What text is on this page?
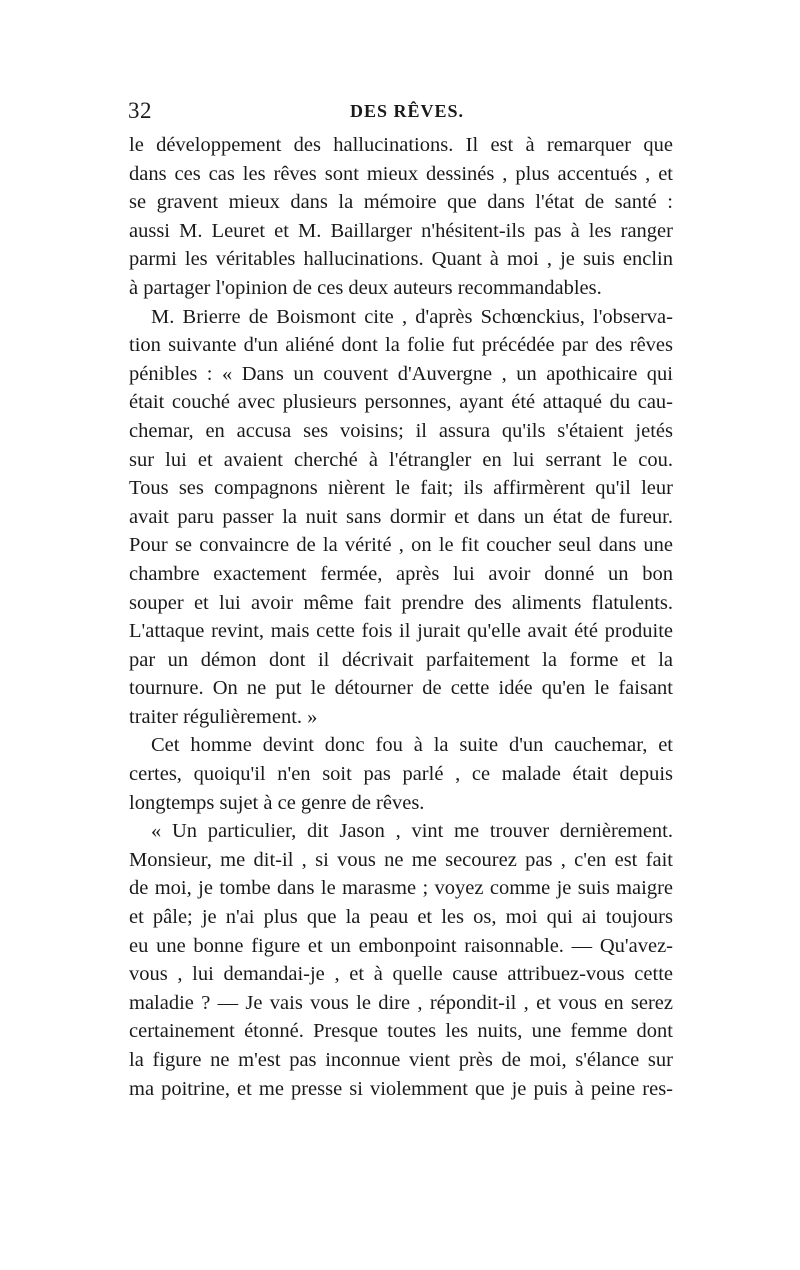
32	DES RÊVES.
le développement des hallucinations. Il est à remarquer que
dans ces cas les rêves sont mieux dessinés , plus accentués , et
se gravent mieux dans la mémoire que dans l'état de santé :
aussi M. Leuret et M. Baillarger n'hésitent-ils pas à les ranger
parmi les véritables hallucinations. Quant à moi , je suis enclin
à partager l'opinion de ces deux auteurs recommandables.
M. Brierre de Boismont cite , d'après Schœnckius, l'observa-
tion suivante d'un aliéné dont la folie fut précédée par des rêves
pénibles : « Dans un couvent d'Auvergne , un apothicaire qui
était couché avec plusieurs personnes, ayant été attaqué du cau-
chemar, en accusa ses voisins; il assura qu'ils s'étaient jetés
sur lui et avaient cherché à l'étrangler en lui serrant le cou.
Tous ses compagnons nièrent le fait; ils affirmèrent qu'il leur
avait paru passer la nuit sans dormir et dans un état de fureur.
Pour se convaincre de la vérité , on le fit coucher seul dans une
chambre exactement fermée, après lui avoir donné un bon
souper et lui avoir même fait prendre des aliments flatulents.
L'attaque revint, mais cette fois il jurait qu'elle avait été produite
par un démon dont il décrivait parfaitement la forme et la
tournure. On ne put le détourner de cette idée qu'en le faisant
traiter régulièrement. »
Cet homme devint donc fou à la suite d'un cauchemar, et
certes, quoiqu'il n'en soit pas parlé , ce malade était depuis
longtemps sujet à ce genre de rêves.
« Un particulier, dit Jason , vint me trouver dernièrement.
Monsieur, me dit-il , si vous ne me secourez pas , c'en est fait
de moi, je tombe dans le marasme ; voyez comme je suis maigre
et pâle; je n'ai plus que la peau et les os, moi qui ai toujours
eu une bonne figure et un embonpoint raisonnable. — Qu'avez-
vous , lui demandai-je , et à quelle cause attribuez-vous cette
maladie ? — Je vais vous le dire , répondit-il , et vous en serez
certainement étonné. Presque toutes les nuits, une femme dont
la figure ne m'est pas inconnue vient près de moi, s'élance sur
ma poitrine, et me presse si violemment que je puis à peine res-
